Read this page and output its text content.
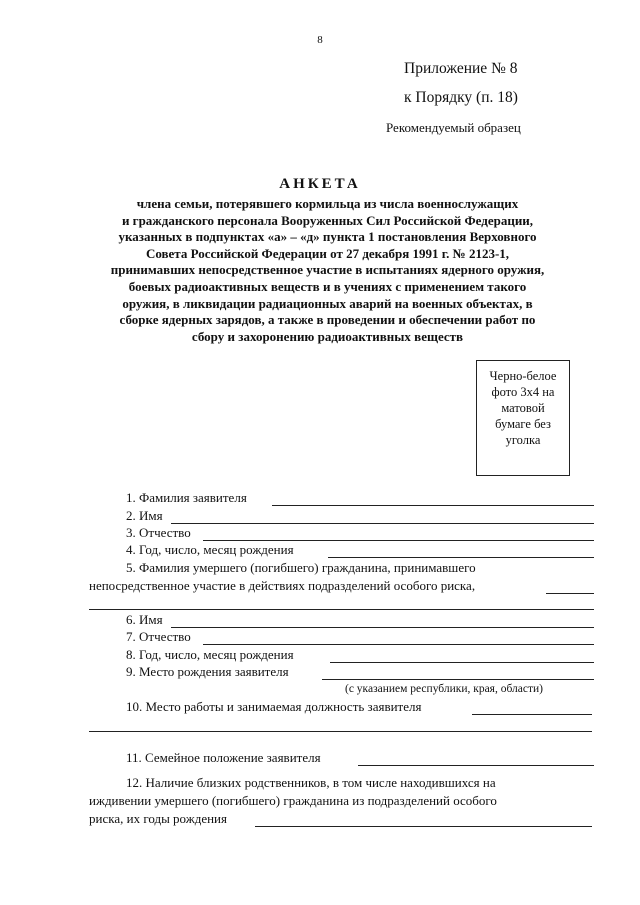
8
Приложение № 8
к Порядку (п. 18)
Рекомендуемый образец
АНКЕТА
члена семьи, потерявшего кормильца из числа военнослужащих
и гражданского персонала Вооруженных Сил Российской Федерации,
указанных в подпунктах «а» – «д» пункта 1 постановления Верховного
Совета Российской Федерации от 27 декабря 1991 г. № 2123-1,
принимавших непосредственное участие в испытаниях ядерного оружия,
боевых радиоактивных веществ и в учениях с применением такого
оружия, в ликвидации радиационных аварий на военных объектах, в
сборке ядерных зарядов, а также в проведении и обеспечении работ по
сбору и захоронению радиоактивных веществ
Черно-белое
фото 3х4 на
матовой
бумаге без
уголка
1. Фамилия заявителя
2. Имя
3. Отчество
4. Год, число, месяц рождения
5. Фамилия умершего (погибшего) гражданина, принимавшего
непосредственное участие в действиях подразделений особого риска,
6. Имя
7. Отчество
8. Год, число, месяц рождения
9. Место рождения заявителя
(с указанием республики, края, области)
10. Место работы и занимаемая должность заявителя
11. Семейное положение заявителя
12. Наличие близких родственников, в том числе находившихся на
иждивении умершего (погибшего) гражданина из подразделений особого
риска, их годы рождения
